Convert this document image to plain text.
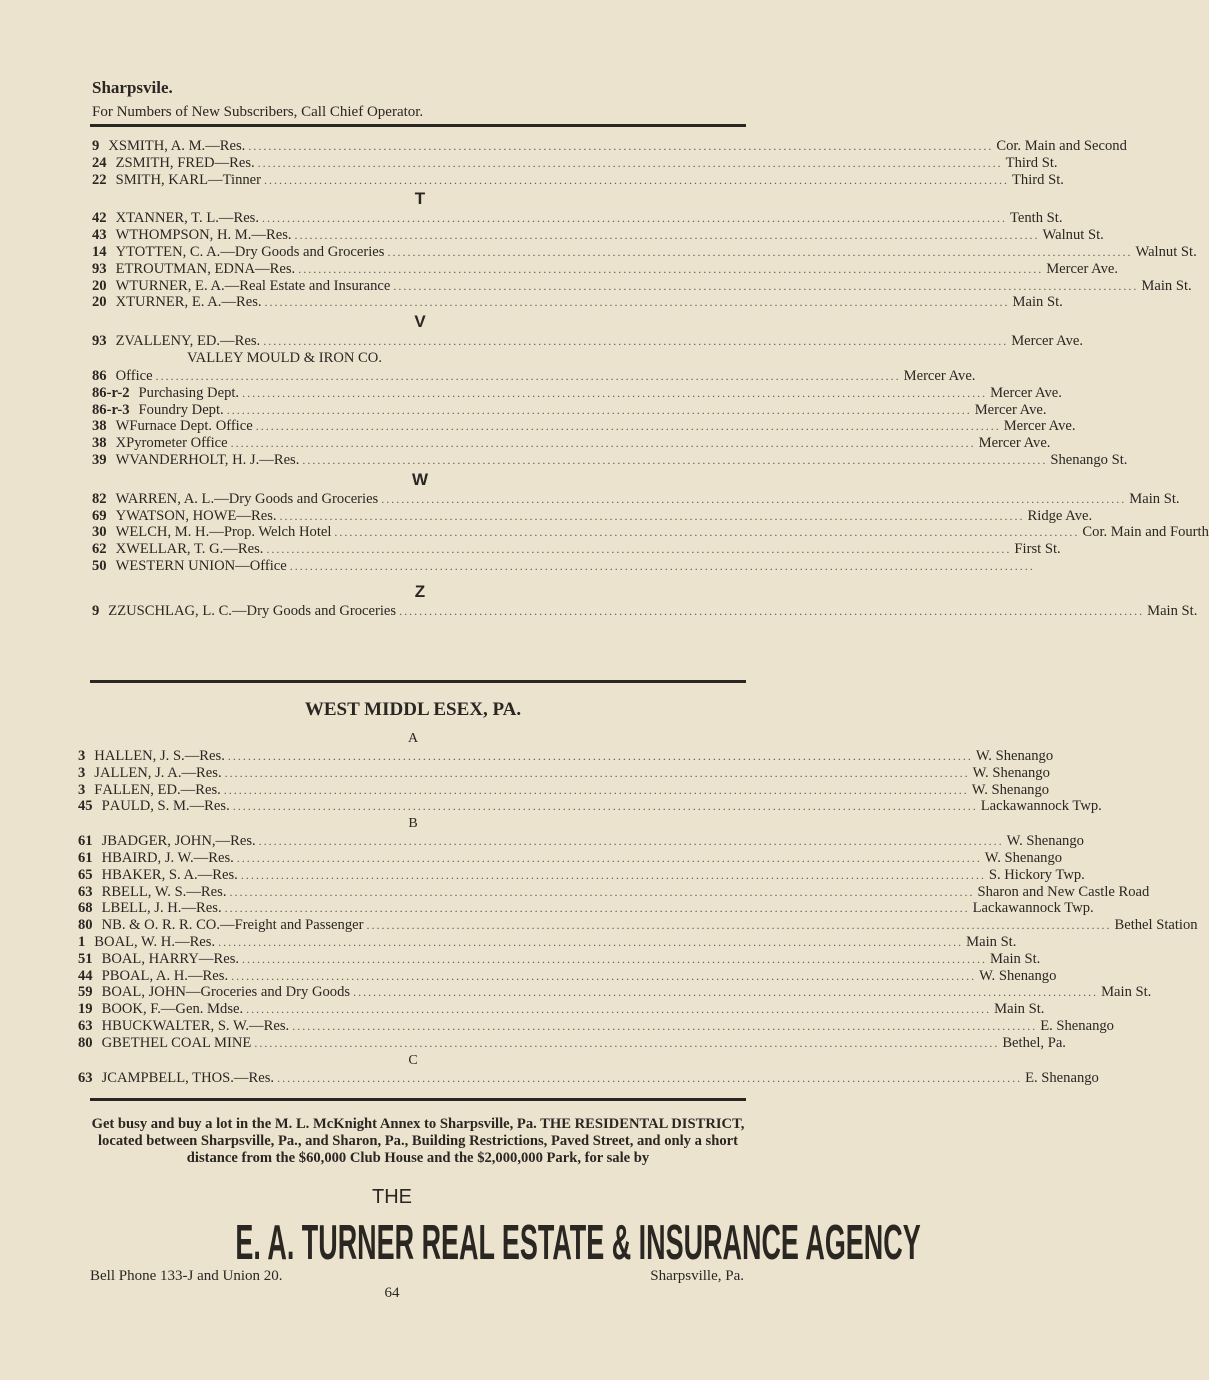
Sharpsvile.
For Numbers of New Subscribers, Call Chief Operator.
9 X SMITH, A. M.—Res. .....	Cor. Main and Second
24 Z SMITH, FRED—Res. .....	Third St.
22 SMITH, KARL—Tinner .....	Third St.
T
42 X TANNER, T. L.—Res. .....	Tenth St.
43 W THOMPSON, H. M.—Res. .....	Walnut St.
14 Y TOTTEN, C. A.—Dry Goods and Groceries .....	Walnut St.
93 E TROUTMAN, EDNA—Res. .....	Mercer Ave.
20 W TURNER, E. A.—Real Estate and Insurance .....	Main St.
20 X TURNER, E. A.—Res. .....	Main St.
V
93 Z VALLENY, ED.—Res. .....	Mercer Ave.
VALLEY MOULD & IRON CO.
86 Office .....	Mercer Ave.
86-r-2 Purchasing Dept. .....	Mercer Ave.
86-r-3 Foundry Dept. .....	Mercer Ave.
38 W Furnace Dept. Office .....	Mercer Ave.
38 X Pyrometer Office .....	Mercer Ave.
39 W VANDERHOLT, H. J.—Res. .....	Shenango St.
W
82 WARREN, A. L.—Dry Goods and Groceries .....	Main St.
69 Y WATSON, HOWE—Res. .....	Ridge Ave.
30 WELCH, M. H.—Prop. Welch Hotel .....	Cor. Main and Fourth
62 X WELLAR, T. G.—Res. .....	First St.
50 WESTERN UNION—Office
.....
Z
9 Z ZUSCHLAG, L. C.—Dry Goods and Groceries .....	Main St.
WEST MIDDL ESEX, PA.
A
3 H ALLEN, J. S.—Res. .....	W. Shenango
3 J ALLEN, J. A.—Res. .....	W. Shenango
3 F ALLEN, ED.—Res. .....	W. Shenango
45 P AULD, S. M.—Res. .....	Lackawannock Twp.
B
61 J BADGER, JOHN,—Res. .....	W. Shenango
61 H BAIRD, J. W.—Res. .....	W. Shenango
65 H BAKER, S. A.—Res. .....	S. Hickory Twp.
63 R BELL, W. S.—Res. .....	Sharon and New Castle Road
68 L BELL, J. H.—Res. .....	Lackawannock Twp.
80 N B. & O. R. R. CO.—Freight and Passenger .....	Bethel Station
1 BOAL, W. H.—Res. .....	Main St.
51 BOAL, HARRY—Res. .....	Main St.
44 P BOAL, A. H.—Res. .....	W. Shenango
59 BOAL, JOHN—Groceries and Dry Goods .....	Main St.
19 BOOK, F.—Gen. Mdse. .....	Main St.
63 H BUCKWALTER, S. W.—Res. .....	E. Shenango
80 G BETHEL COAL MINE .....	Bethel, Pa.
C
63 J CAMPBELL, THOS.—Res. .....	E. Shenango
Get busy and buy a lot in the M. L. McKnight Annex to Sharpsville, Pa. THE RESIDENTAL DISTRICT, located between Sharpsville, Pa., and Sharon, Pa., Building Restrictions, Paved Street, and only a short distance from the $60,000 Club House and the $2,000,000 Park, for sale by
THE
E. A. TURNER REAL ESTATE & INSURANCE AGENCY
Bell Phone 133-J and Union 20.	Sharpsville, Pa.
64
